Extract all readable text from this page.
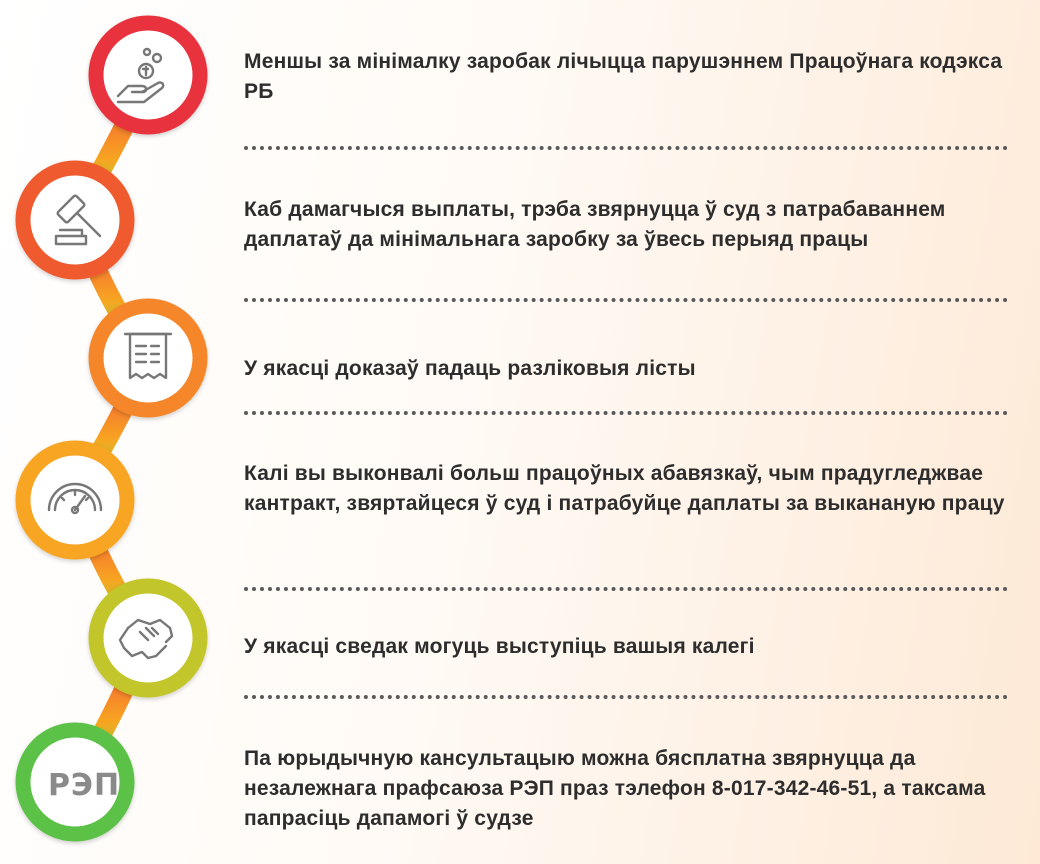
РЭП
Меншы за мінімалку заробак лічыцца парушэннем Працоўнага кодэкса РБ
Каб дамагчыся выплаты, трэба звярнуцца ў суд з патрабаваннем даплатаў да мінімальнага заробку за ўвесь перыяд працы
У якасці доказаў падаць разліковыя лісты
Калі вы выконвалі больш працоўных абавязкаў, чым прадугледжвае кантракт, звяртайцеся ў суд і патрабуйце даплаты за выкананую працу
У якасці сведак могуць выступіць вашыя калегі
Па юрыдычную кансультацыю можна бясплатна звярнуцца да незалежнага прафсаюза РЭП праз тэлефон 8-017-342-46-51, а таксама папрасіць дапамогі ў судзе
